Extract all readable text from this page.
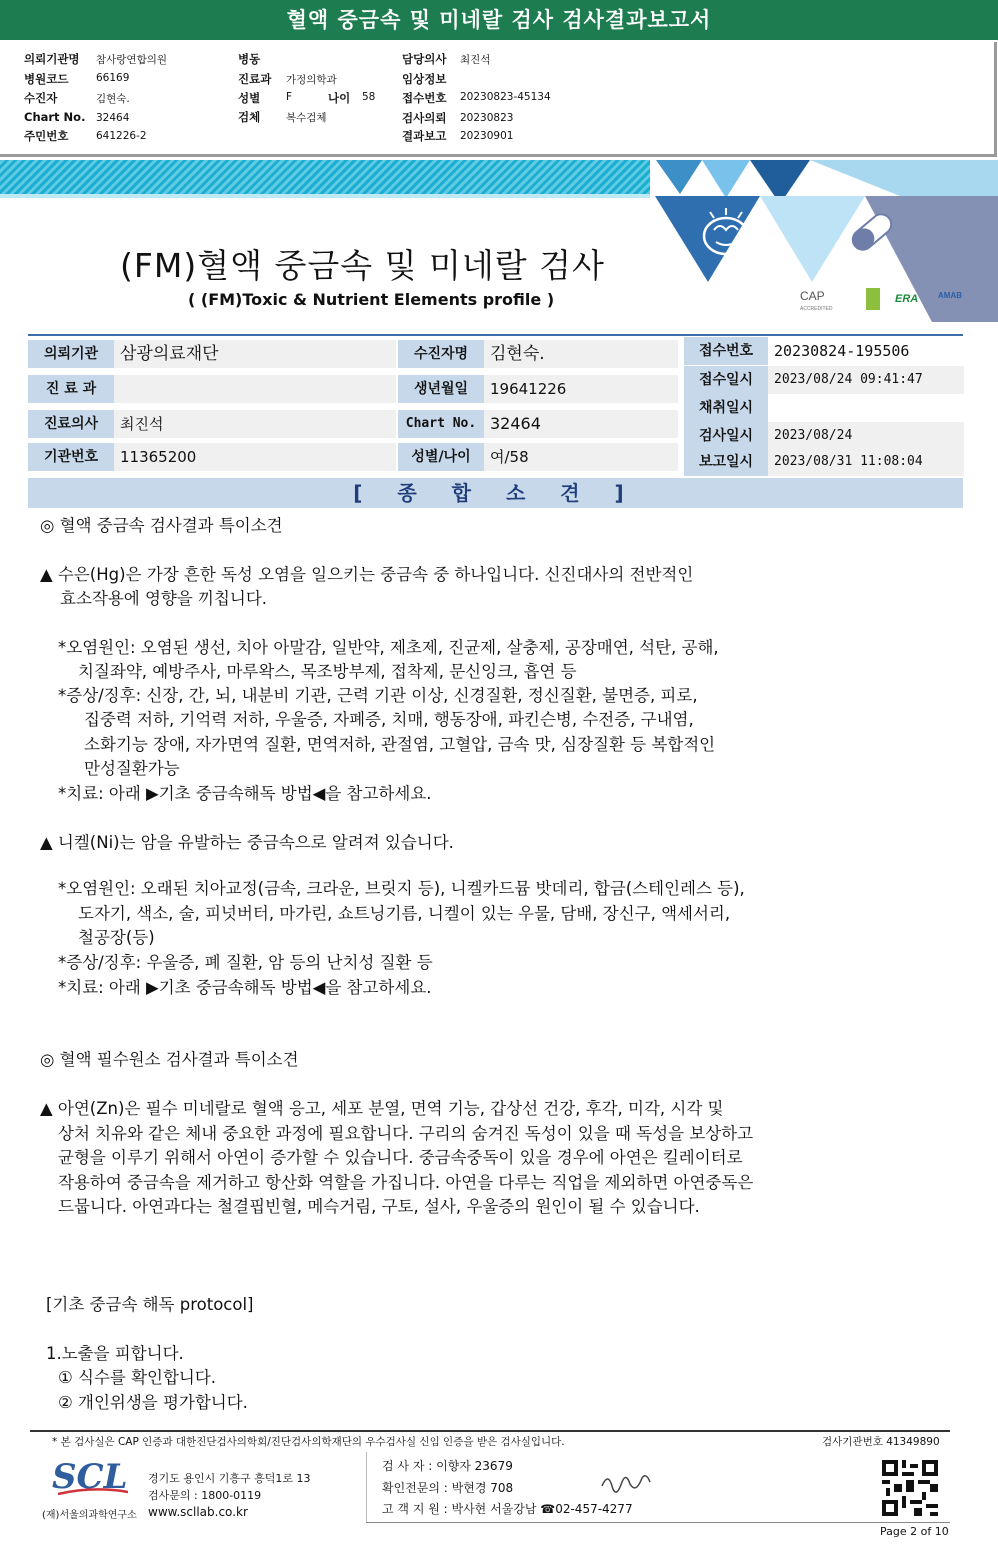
혈액 중금속 및 미네랄 검사 검사결과보고서
의뢰기관명 참사랑연합의원
병원코드	66169
수진자	김현숙.
Chart No. 32464
주민번호	641226-2
병동
진료과 가정의학과
성별 F	나이 58
검체 복수검체
담당의사 최진석
임상정보
접수번호 20230823-45134
검사의뢰 20230823
결과보고 20230901
CAP
ACCREDITED
ERA AMAB
(FM)혈액 중금속 및 미네랄 검사
( (FM)Toxic & Nutrient Elements profile )
의뢰기관	삼광의료재단
진 료 과
진료의사	최진석
기관번호	11365200
수진자명	김현숙.
생년월일	19641226
Chart No. 32464
성별/나이	여/58
접수번호	20230824-195506
접수일시	2023/08/24 09:41:47
채취일시
검사일시	2023/08/24
보고일시	2023/08/31 11:08:04
[ 종 합 소 견 ]
◎ 혈액 중금속 검사결과 특이소견
▲ 수은(Hg)은 가장 흔한 독성 오염을 일으키는 중금속 중 하나입니다. 신진대사의 전반적인
효소작용에 영향을 끼칩니다.
*오염원인: 오염된 생선, 치아 아말감, 일반약, 제초제, 진균제, 살충제, 공장매연, 석탄, 공해,
치질좌약, 예방주사, 마루왁스, 목조방부제, 접착제, 문신잉크, 흡연 등
*증상/징후: 신장, 간, 뇌, 내분비 기관, 근력 기관 이상, 신경질환, 정신질환, 불면증, 피로,
집중력 저하, 기억력 저하, 우울증, 자폐증, 치매, 행동장애, 파킨슨병, 수전증, 구내염,
소화기능 장애, 자가면역 질환, 면역저하, 관절염, 고혈압, 금속 맛, 심장질환 등 복합적인
만성질환가능
*치료: 아래 ▶기초 중금속해독 방법◀을 참고하세요.
▲ 니켈(Ni)는 암을 유발하는 중금속으로 알려져 있습니다.
*오염원인: 오래된 치아교정(금속, 크라운, 브릿지 등), 니켈카드뮴 밧데리, 합금(스테인레스 등),
도자기, 색소, 술, 피넛버터, 마가린, 쇼트닝기름, 니켈이 있는 우물, 담배, 장신구, 액세서리,
철공장(등)
*증상/징후: 우울증, 폐 질환, 암 등의 난치성 질환 등
*치료: 아래 ▶기초 중금속해독 방법◀을 참고하세요.
◎ 혈액 필수원소 검사결과 특이소견
▲ 아연(Zn)은 필수 미네랄로 혈액 응고, 세포 분열, 면역 기능, 갑상선 건강, 후각, 미각, 시각 및
상처 치유와 같은 체내 중요한 과정에 필요합니다. 구리의 숨겨진 독성이 있을 때 독성을 보상하고
균형을 이루기 위해서 아연이 증가할 수 있습니다. 중금속중독이 있을 경우에 아연은 킬레이터로
작용하여 중금속을 제거하고 항산화 역할을 가집니다. 아연을 다루는 직업을 제외하면 아연중독은
드뭅니다. 아연과다는 철결핍빈혈, 메슥거림, 구토, 설사, 우울증의 원인이 될 수 있습니다.
[기초 중금속 해독 protocol]
1.노출을 피합니다.
① 식수를 확인합니다.
② 개인위생을 평가합니다.
* 본 검사실은 CAP 인증과 대한진단검사의학회/진단검사의학재단의 우수검사실 신임 인증을 받은 검사실입니다.	검사기관번호 41349890
SCL
(재)서울의과학연구소
경기도 용인시 기흥구 흥덕1로 13
검사문의 : 1800-0119
www.scllab.co.kr
검 사 자 : 이향자 23679
확인전문의 : 박현경 708
고 객 지 원 : 박사현 서울강남 ☎02-457-4277
Page 2 of 10
